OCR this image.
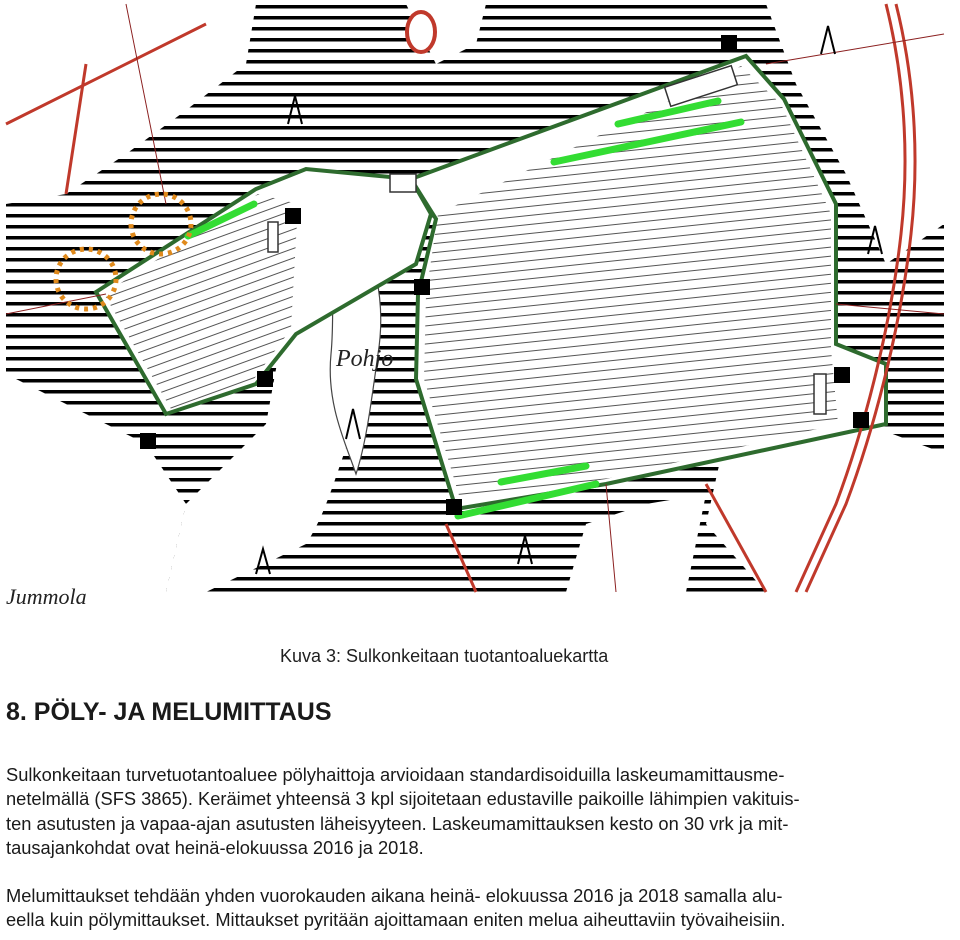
Pohjo
Jummola
Kuva 3: Sulkonkeitaan tuotantoaluekartta
8. PÖLY- JA MELUMITTAUS

Sulkonkeitaan turvetuotantoaluee pölyhaittoja arvioidaan standardisoiduilla laskeumamittausme-
netelmällä (SFS 3865). Keräimet yhteensä 3 kpl sijoitetaan edustaville paikoille lähimpien vakituis-
ten asutusten ja vapaa-ajan asutusten läheisyyteen. Laskeumamittauksen kesto on 30 vrk ja mit-
tausajankohdat ovat heinä-elokuussa 2016 ja 2018.

Melumittaukset tehdään yhden vuorokauden aikana heinä- elokuussa 2016 ja 2018 samalla alu-
eella kuin pölymittaukset. Mittaukset pyritään ajoittamaan eniten melua aiheuttaviin työvaiheisiin.
